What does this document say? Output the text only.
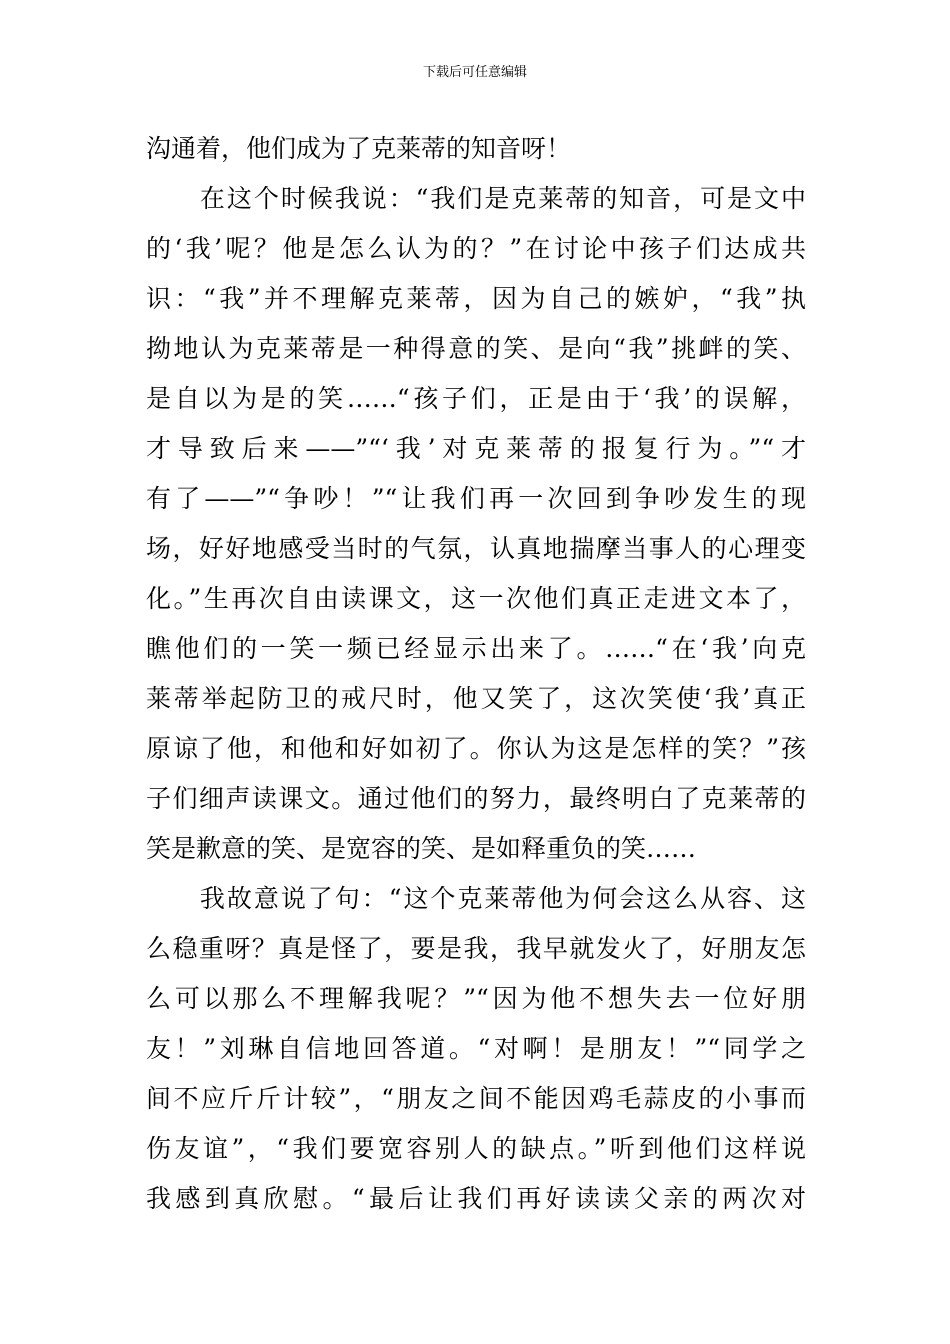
下载后可任意编辑
沟通着，他们成为了克莱蒂的知音呀！
　　在这个时候我说：“我们是克莱蒂的知音，可是文中
的‘我’呢？他是怎么认为的？”在讨论中孩子们达成共
识：“我”并不理解克莱蒂，因为自己的嫉妒，“我”执
拗地认为克莱蒂是一种得意的笑、是向“我”挑衅的笑、
是自以为是的笑……“孩子们，正是由于‘我’的误解，
才导致后来——”“‘我’对克莱蒂的报复行为。”“才
有了——”“争吵！”“让我们再一次回到争吵发生的现
场，好好地感受当时的气氛，认真地揣摩当事人的心理变
化。”生再次自由读课文，这一次他们真正走进文本了，
瞧他们的一笑一频已经显示出来了。……“在‘我’向克
莱蒂举起防卫的戒尺时，他又笑了，这次笑使‘我’真正
原谅了他，和他和好如初了。你认为这是怎样的笑？”孩
子们细声读课文。通过他们的努力，最终明白了克莱蒂的
笑是歉意的笑、是宽容的笑、是如释重负的笑……
　　我故意说了句：“这个克莱蒂他为何会这么从容、这
么稳重呀？真是怪了，要是我，我早就发火了，好朋友怎
么可以那么不理解我呢？”“因为他不想失去一位好朋
友！”刘琳自信地回答道。“对啊！是朋友！”“同学之
间不应斤斤计较”，“朋友之间不能因鸡毛蒜皮的小事而
伤友谊”，“我们要宽容别人的缺点。”听到他们这样说
我感到真欣慰。“最后让我们再好读读父亲的两次对
